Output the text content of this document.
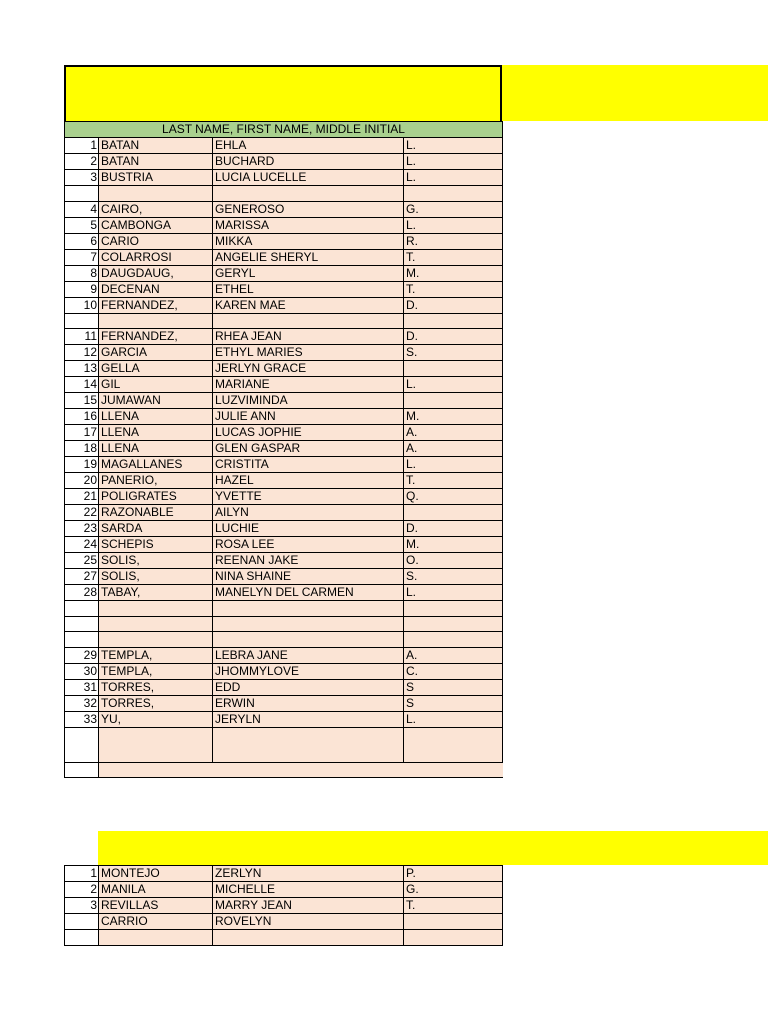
LAST NAME, FIRST NAME, MIDDLE INITIAL			
1	BATAN	EHLA	L.
2	BATAN	BUCHARD	L.
3	BUSTRIA	LUCIA LUCELLE	L.

4	CAIRO,	GENEROSO	G.
5	CAMBONGA	MARISSA	L.
6	CARIO	MIKKA	R.
7	COLARROSI	ANGELIE SHERYL	T.
8	DAUGDAUG,	GERYL	M.
9	DECENAN	ETHEL	T.
10	FERNANDEZ,	KAREN MAE	D.

11	FERNANDEZ,	RHEA JEAN	D.
12	GARCIA	ETHYL MARIES	S.
13	GELLA	JERLYN GRACE	
14	GIL	MARIANE	L.
15	JUMAWAN	LUZVIMINDA	
16	LLENA	JULIE ANN	M.
17	LLENA	LUCAS JOPHIE	A.
18	LLENA	GLEN GASPAR	A.
19	MAGALLANES	CRISTITA	L.
20	PANERIO,	HAZEL	T.
21	POLIGRATES	YVETTE	Q.
22	RAZONABLE	AILYN	
23	SARDA	LUCHIE	D.
24	SCHEPIS	ROSA LEE	M.
25	SOLIS,	REENAN JAKE	O.
27	SOLIS,	NINA SHAINE	S.
28	TABAY,	MANELYN DEL CARMEN	L.

29	TEMPLA,	LEBRA JANE	A.
30	TEMPLA,	JHOMMYLOVE	C.
31	TORRES,	EDD	S
32	TORRES,	ERWIN	S
33	YU,	JERYLN	L.

1	MONTEJO	ZERLYN	P.
2	MANILA	MICHELLE	G.
3	REVILLAS	MARRY JEAN	T.
	CARRIO	ROVELYN	
